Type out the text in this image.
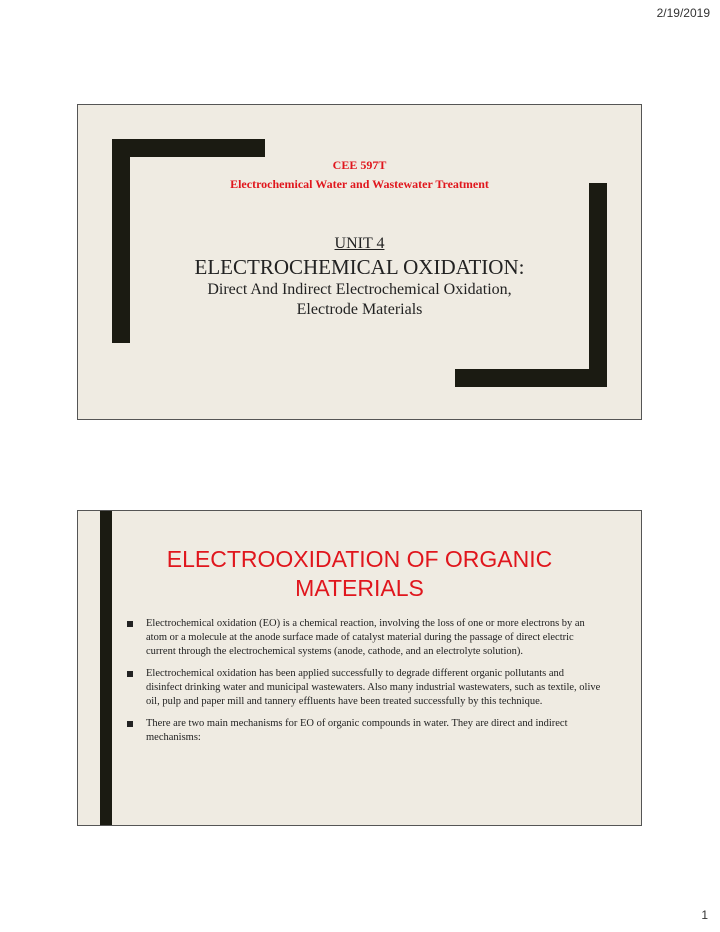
2/19/2019
CEE 597T
Electrochemical Water and Wastewater Treatment
UNIT 4
ELECTROCHEMICAL OXIDATION:
Direct And Indirect Electrochemical Oxidation,
Electrode Materials
ELECTROOXIDATION OF ORGANIC
MATERIALS
Electrochemical oxidation (EO) is a chemical reaction, involving the loss of one or more electrons by an atom or a molecule at the anode surface made of catalyst material during the passage of direct electric current through the electrochemical systems (anode, cathode, and an electrolyte solution).
Electrochemical oxidation has been applied successfully to degrade different organic pollutants and disinfect drinking water and municipal wastewaters. Also many industrial wastewaters, such as textile, olive oil, pulp and paper mill and tannery effluents have been treated successfully by this technique.
There are two main mechanisms for EO of organic compounds in water. They are direct and indirect mechanisms:
1
